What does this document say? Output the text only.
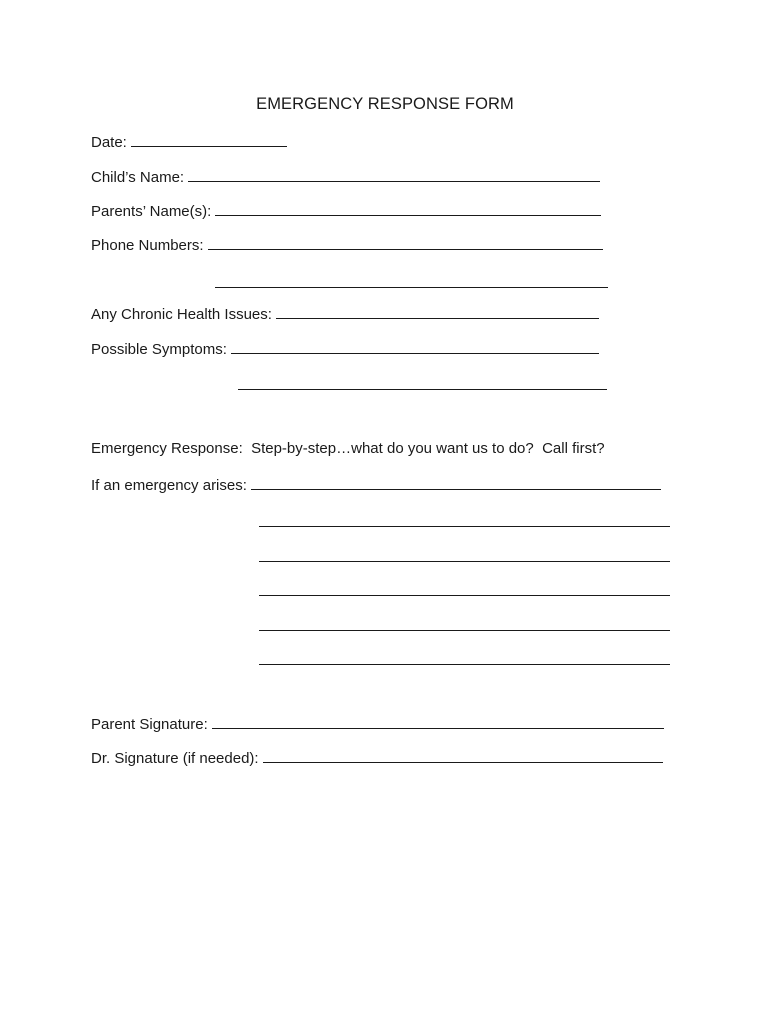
EMERGENCY RESPONSE FORM
Date:
Child’s Name:
Parents’ Name(s):
Phone Numbers:
Any Chronic Health Issues:
Possible Symptoms:
Emergency Response:  Step-by-step…what do you want us to do?  Call first?
If an emergency arises:
Parent Signature:
Dr. Signature (if needed):
